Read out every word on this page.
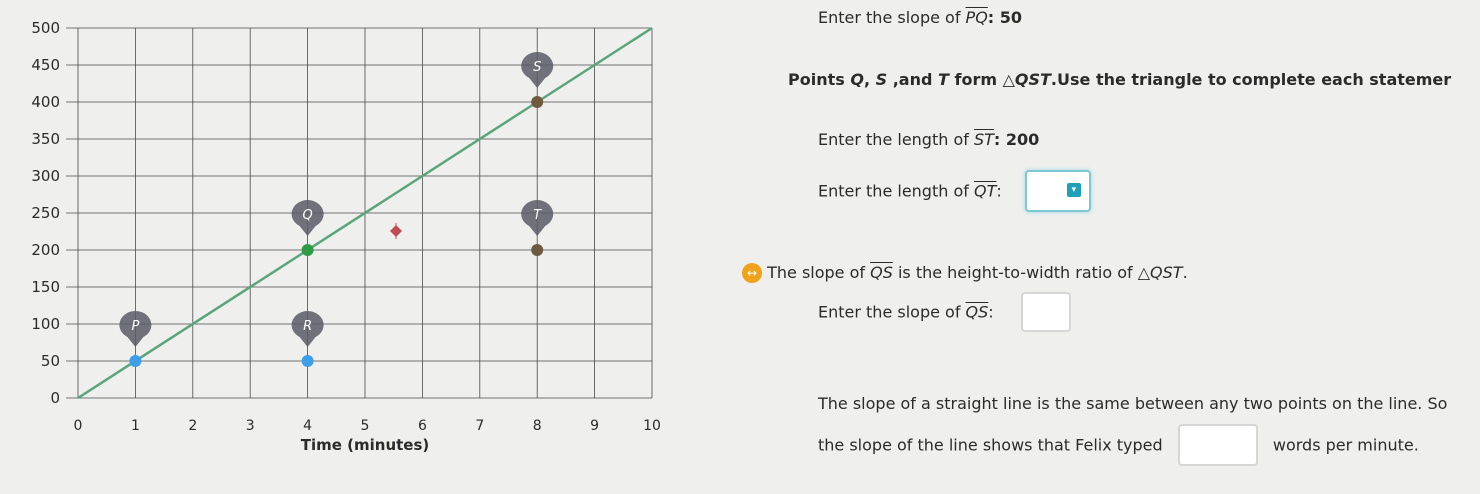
0	1	2	3	4	5	6	7	8	9	10
0
50
100
150
200
250
300
350
400
450
500
Time (minutes)
P	R
Q	T
S
Enter the slope of $\overline{PQ}$: 50
Points Q, S ,and T form △QST.Use the triangle to complete each statemer
Enter the length of $\overline{ST}$: 200
Enter the length of $\overline{QT}$:	▾
↔ The slope of $\overline{QS}$ is the height-to-width ratio of △QST.
Enter the slope of $\overline{QS}$:
The slope of a straight line is the same between any two points on the line. So
the slope of the line shows that Felix typed	words per minute.
